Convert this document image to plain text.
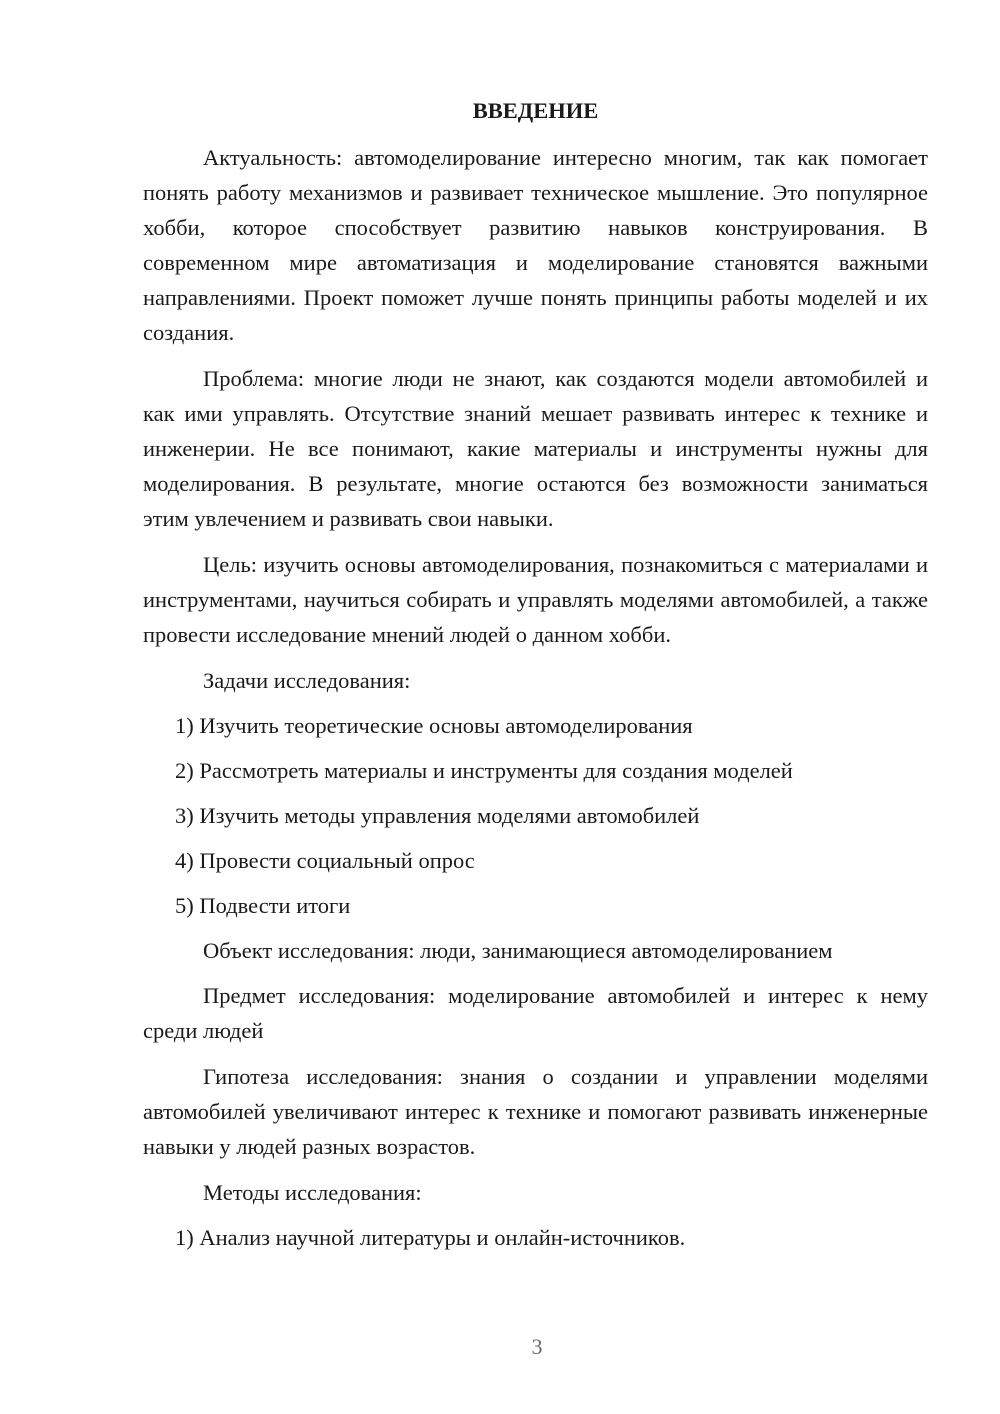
ВВЕДЕНИЕ

Актуальность: автомоделирование интересно многим, так как помогает понять работу механизмов и развивает техническое мышление. Это популярное хобби, которое способствует развитию навыков конструирования. В современном мире автоматизация и моделирование становятся важными направлениями. Проект поможет лучше понять принципы работы моделей и их создания.

Проблема: многие люди не знают, как создаются модели автомобилей и как ими управлять. Отсутствие знаний мешает развивать интерес к технике и инженерии. Не все понимают, какие материалы и инструменты нужны для моделирования. В результате, многие остаются без возможности заниматься этим увлечением и развивать свои навыки.

Цель: изучить основы автомоделирования, познакомиться с материалами и инструментами, научиться собирать и управлять моделями автомобилей, а также провести исследование мнений людей о данном хобби.

Задачи исследования:
1) Изучить теоретические основы автомоделирования
2) Рассмотреть материалы и инструменты для создания моделей
3) Изучить методы управления моделями автомобилей
4) Провести социальный опрос
5) Подвести итоги
Объект исследования: люди, занимающиеся автомоделированием

Предмет исследования: моделирование автомобилей и интерес к нему среди людей

Гипотеза исследования: знания о создании и управлении моделями автомобилей увеличивают интерес к технике и помогают развивать инженерные навыки у людей разных возрастов.

Методы исследования:
1) Анализ научной литературы и онлайн-источников.
3
